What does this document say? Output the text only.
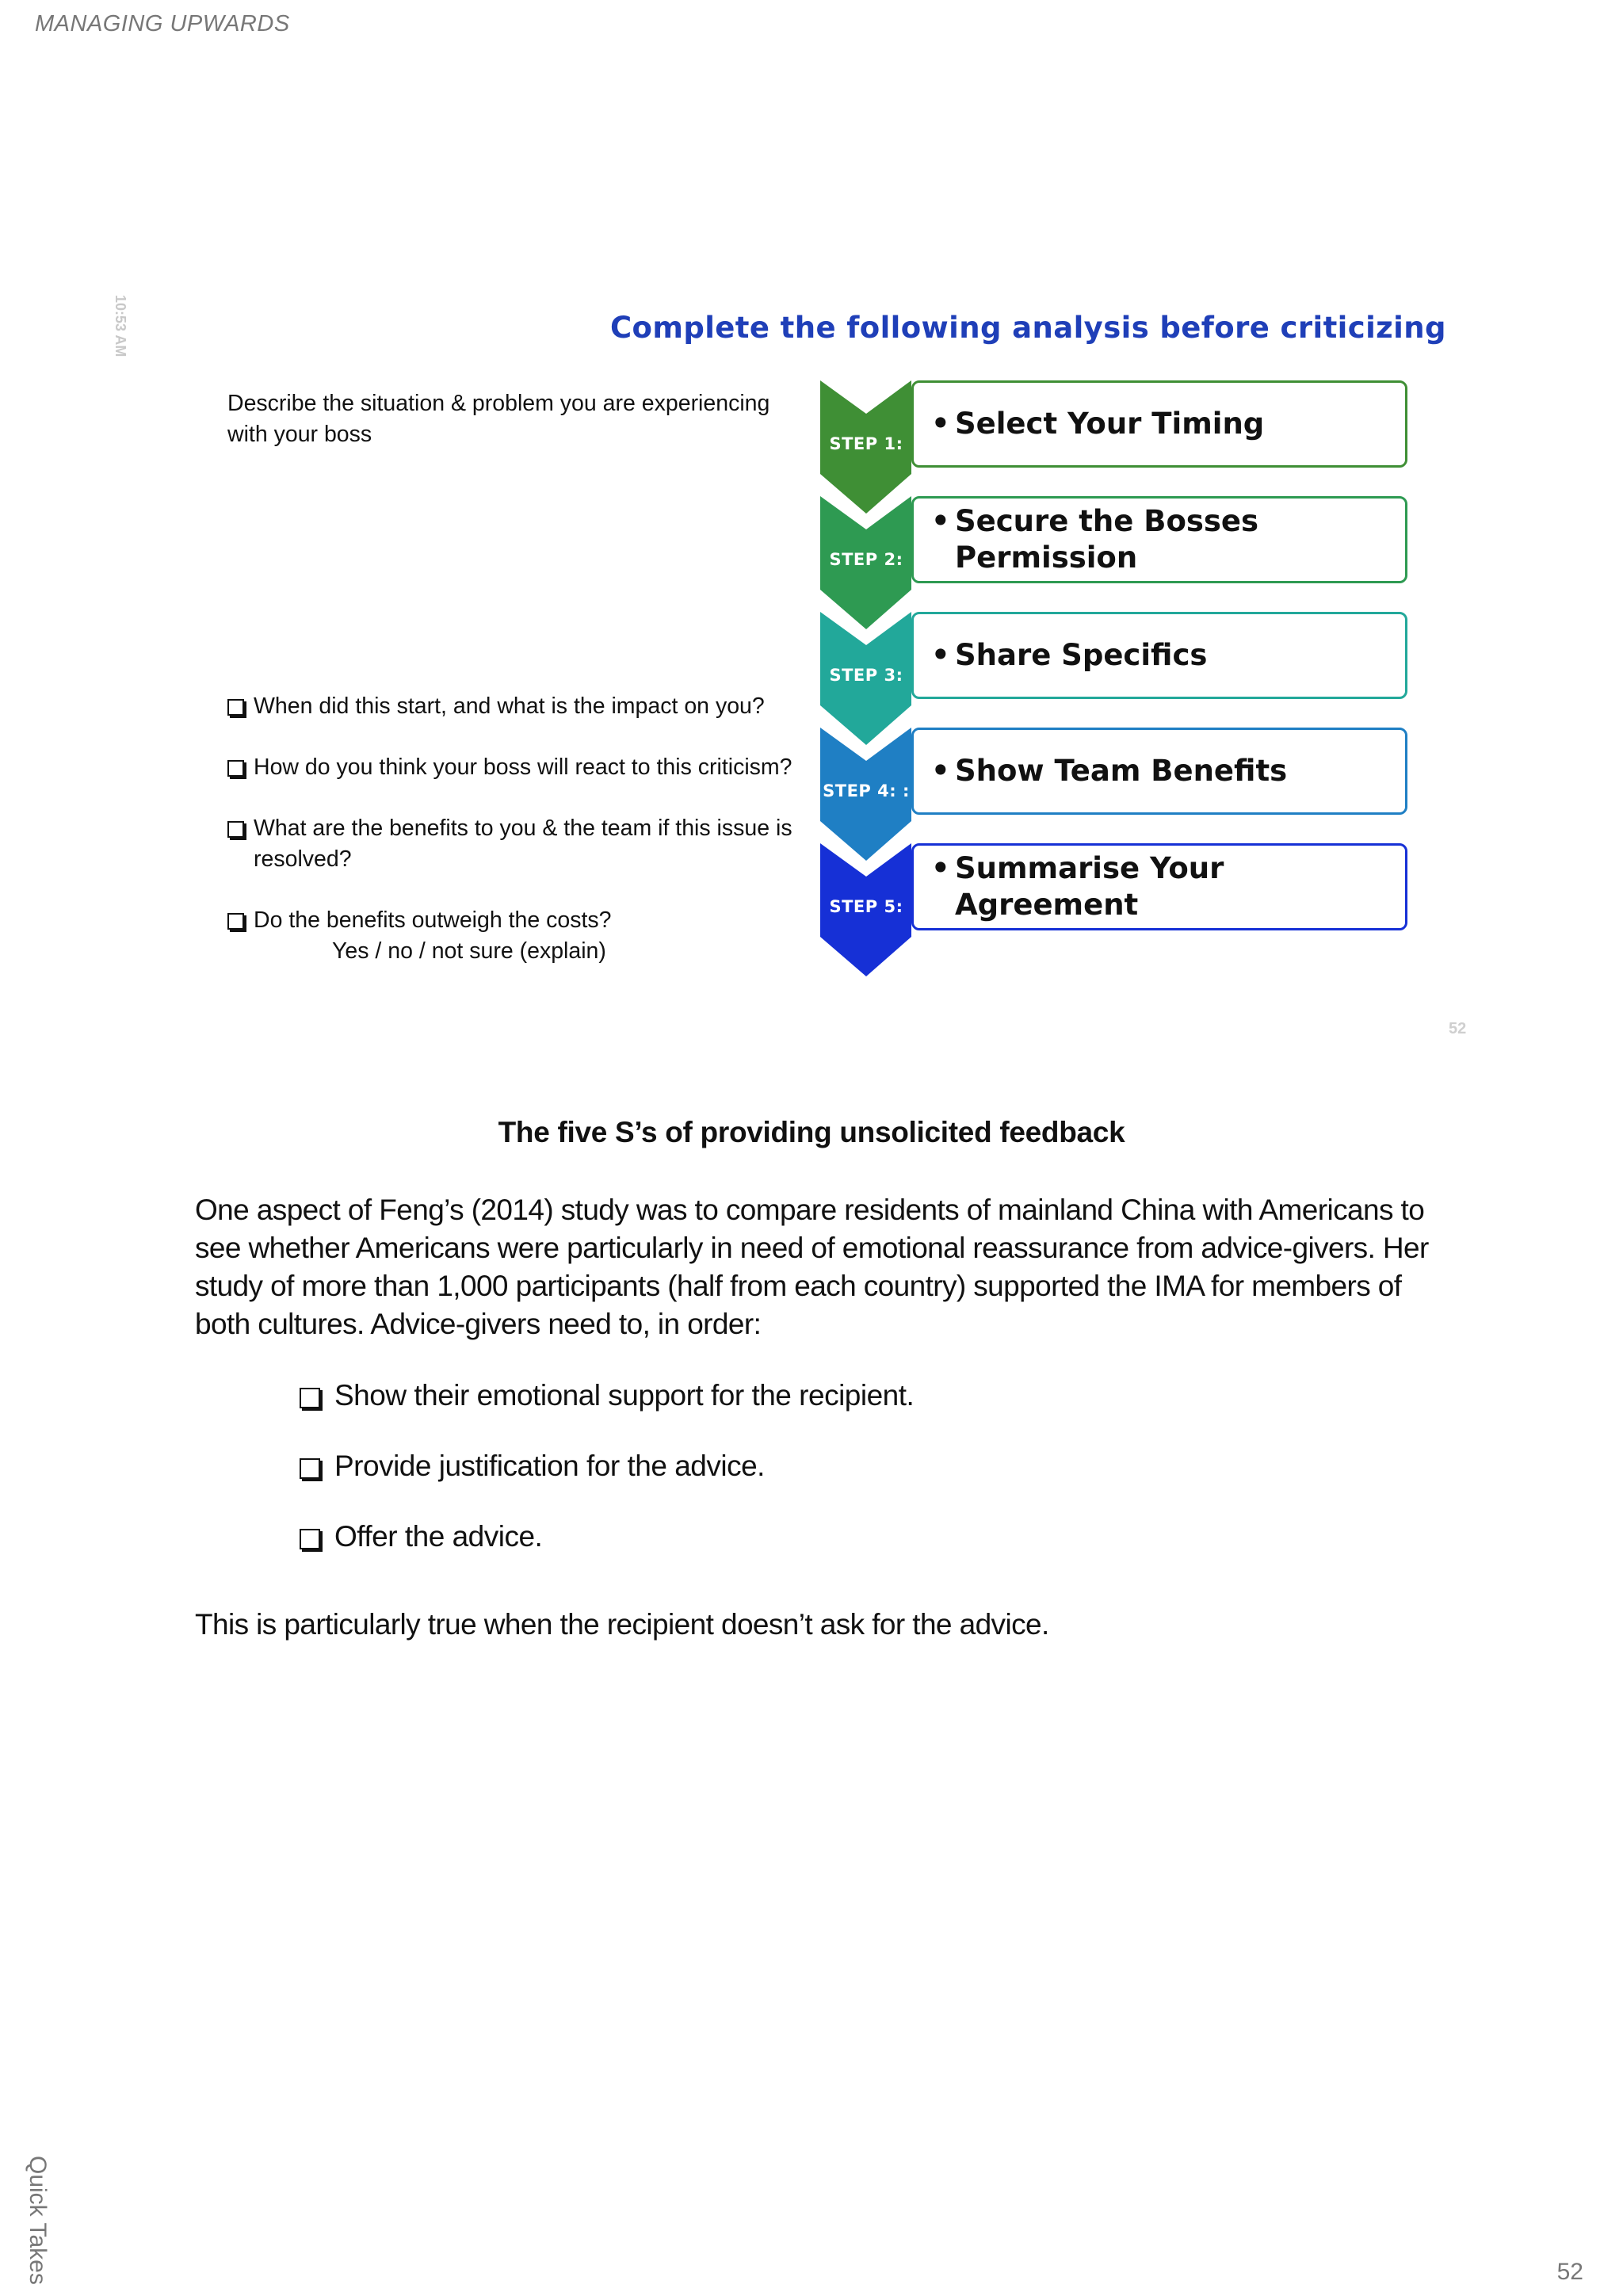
MANAGING UPWARDS
10:53 AM	Complete the following analysis before criticizing
Describe the situation & problem you are experiencing with your boss
When did this start, and what is the impact on you?
How do you think your boss will react to this criticism?
What are the benefits to you & the team if this issue is resolved?
Do the benefits outweigh the costs?
Yes / no / not sure (explain)
STEP 1:
• Select Your Timing
STEP 2:
• Secure the Bosses Permission
STEP 3:
• Share Specifics
STEP 4: :
• Show Team Benefits
STEP 5:
• Summarise Your Agreement
52
The five S’s of providing unsolicited feedback
One aspect of Feng’s (2014) study was to compare residents of mainland China with Americans to see whether Americans were particularly in need of emotional reassurance from advice-givers. Her study of more than 1,000 participants (half from each country) supported the IMA for members of both cultures. Advice-givers need to, in order:
Show their emotional support for the recipient.
Provide justification for the advice.
Offer the advice.
This is particularly true when the recipient doesn’t ask for the advice.
Quick Takes	52
